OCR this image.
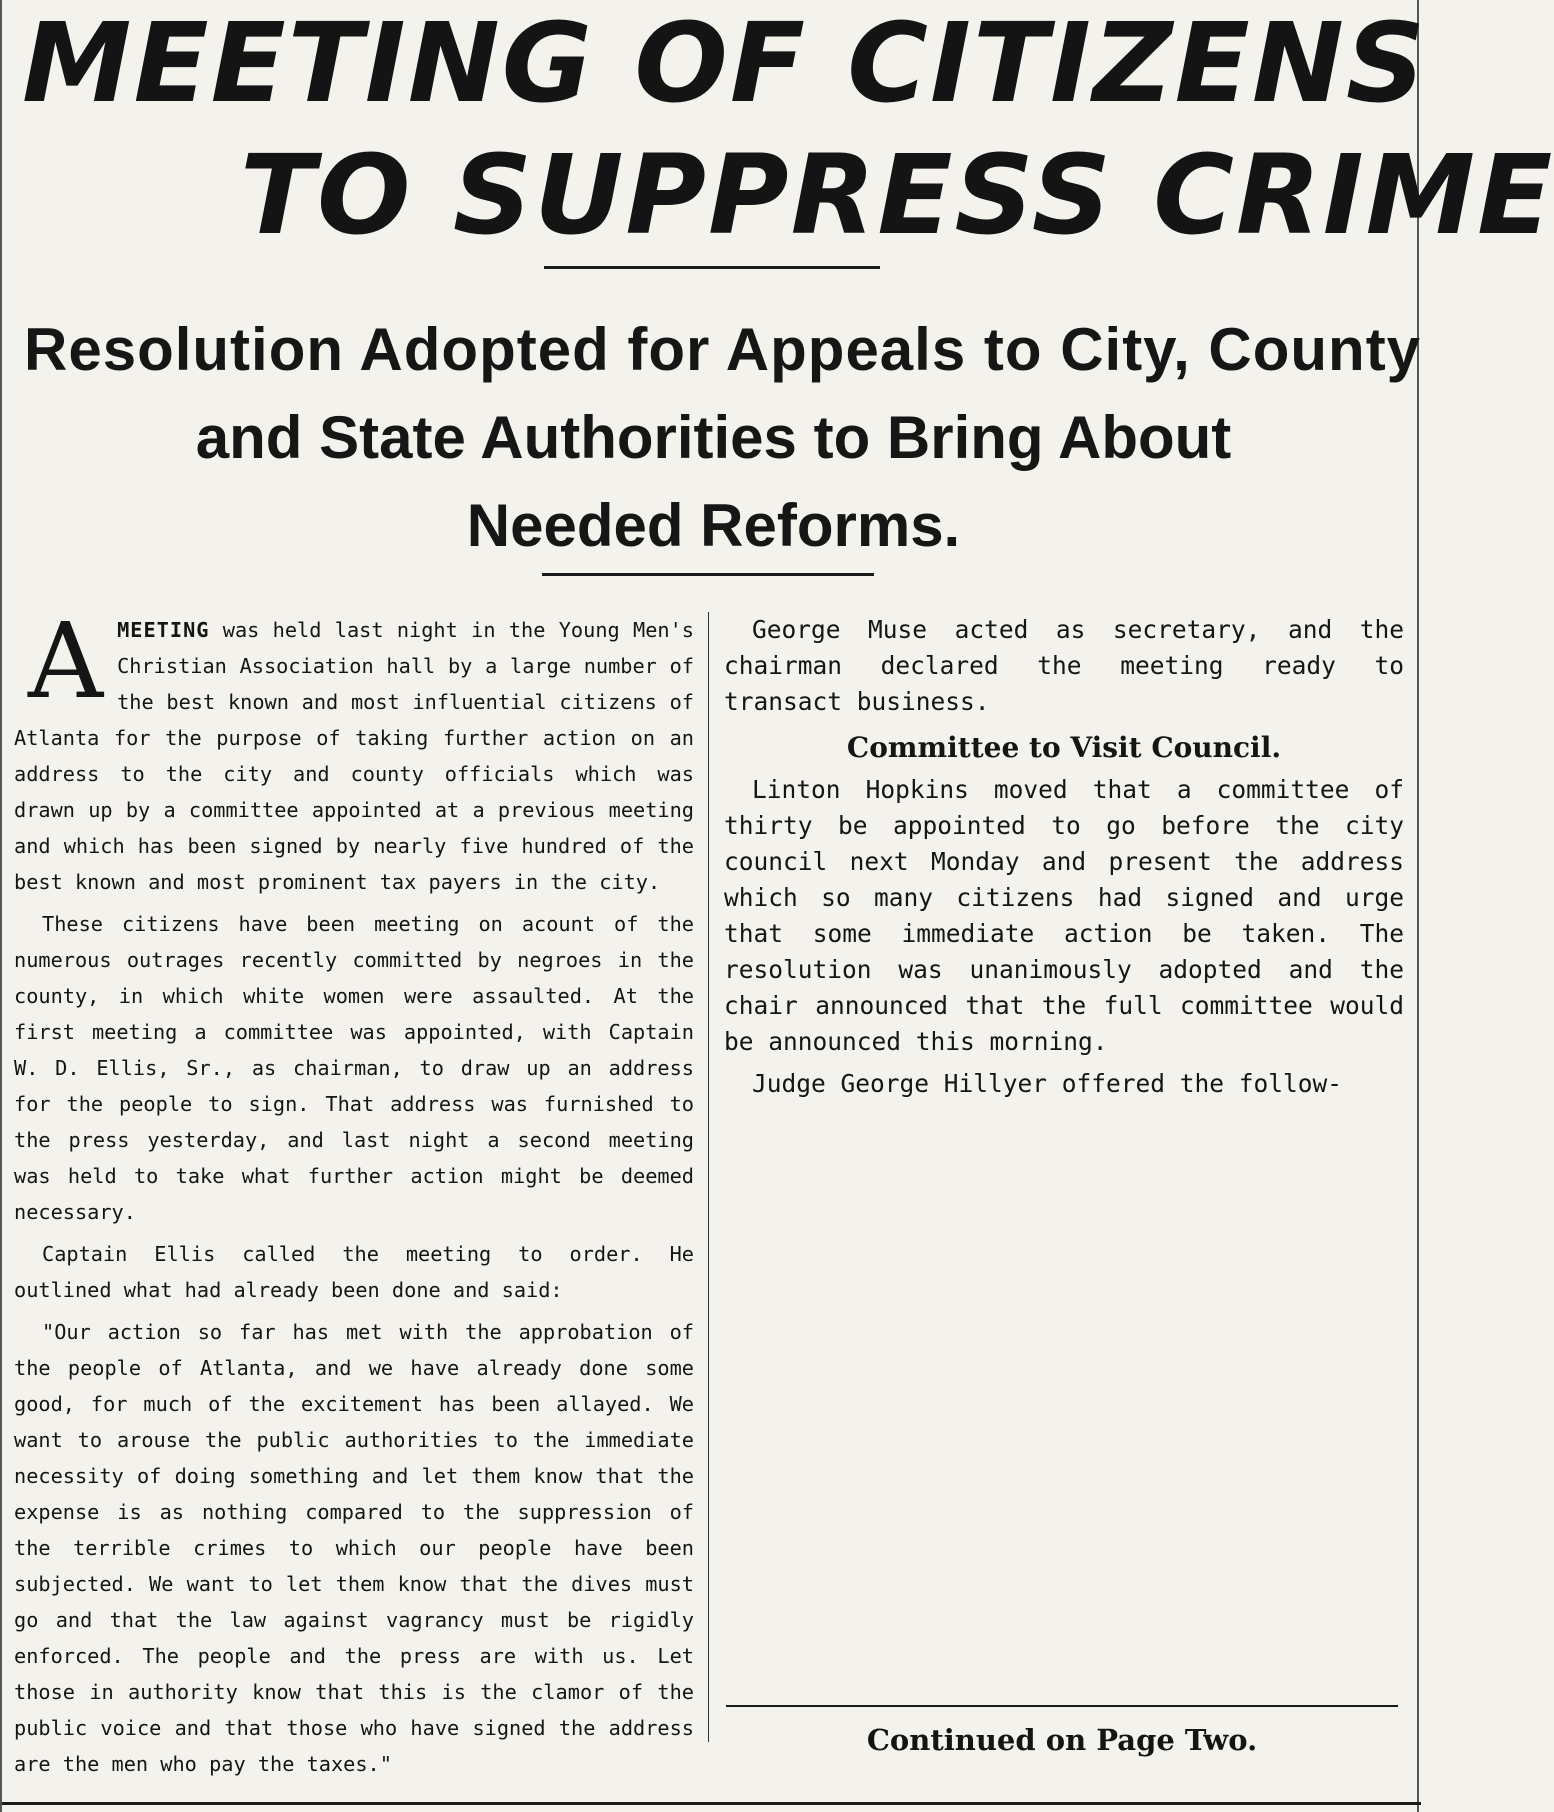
MEETING OF CITIZENS
TO SUPPRESS CRIME
Resolution Adopted for Appeals to City, County
and State Authorities to Bring About
Needed Reforms.

AMEETING was held last night in the Young Men's Christian Association hall by a large number of the best known and most influential citizens of Atlanta for the purpose of taking further action on an address to the city and county officials which was drawn up by a committee appointed at a previous meeting and which has been signed by nearly five hundred of the best known and most prominent tax payers in the city.

These citizens have been meeting on acount of the numerous outrages recently committed by negroes in the county, in which white women were assaulted. At the first meeting a committee was appointed, with Captain W. D. Ellis, Sr., as chairman, to draw up an address for the people to sign. That address was furnished to the press yesterday, and last night a second meeting was held to take what further action might be deemed necessary.

Captain Ellis called the meeting to order. He outlined what had already been done and said:

"Our action so far has met with the approbation of the people of Atlanta, and we have already done some good, for much of the excitement has been allayed. We want to arouse the public authorities to the immediate necessity of doing something and let them know that the expense is as nothing compared to the suppression of the terrible crimes to which our people have been subjected. We want to let them know that the dives must go and that the law against vagrancy must be rigidly enforced. The people and the press are with us. Let those in authority know that this is the clamor of the public voice and that those who have signed the address are the men who pay the taxes."

George Muse acted as secretary, and the chairman declared the meeting ready to transact business.

Committee to Visit Council.

Linton Hopkins moved that a committee of thirty be appointed to go before the city council next Monday and present the address which so many citizens had signed and urge that some immediate action be taken. The resolution was unanimously adopted and the chair announced that the full committee would be announced this morning.

Judge George Hillyer offered the follow-

Continued on Page Two.
